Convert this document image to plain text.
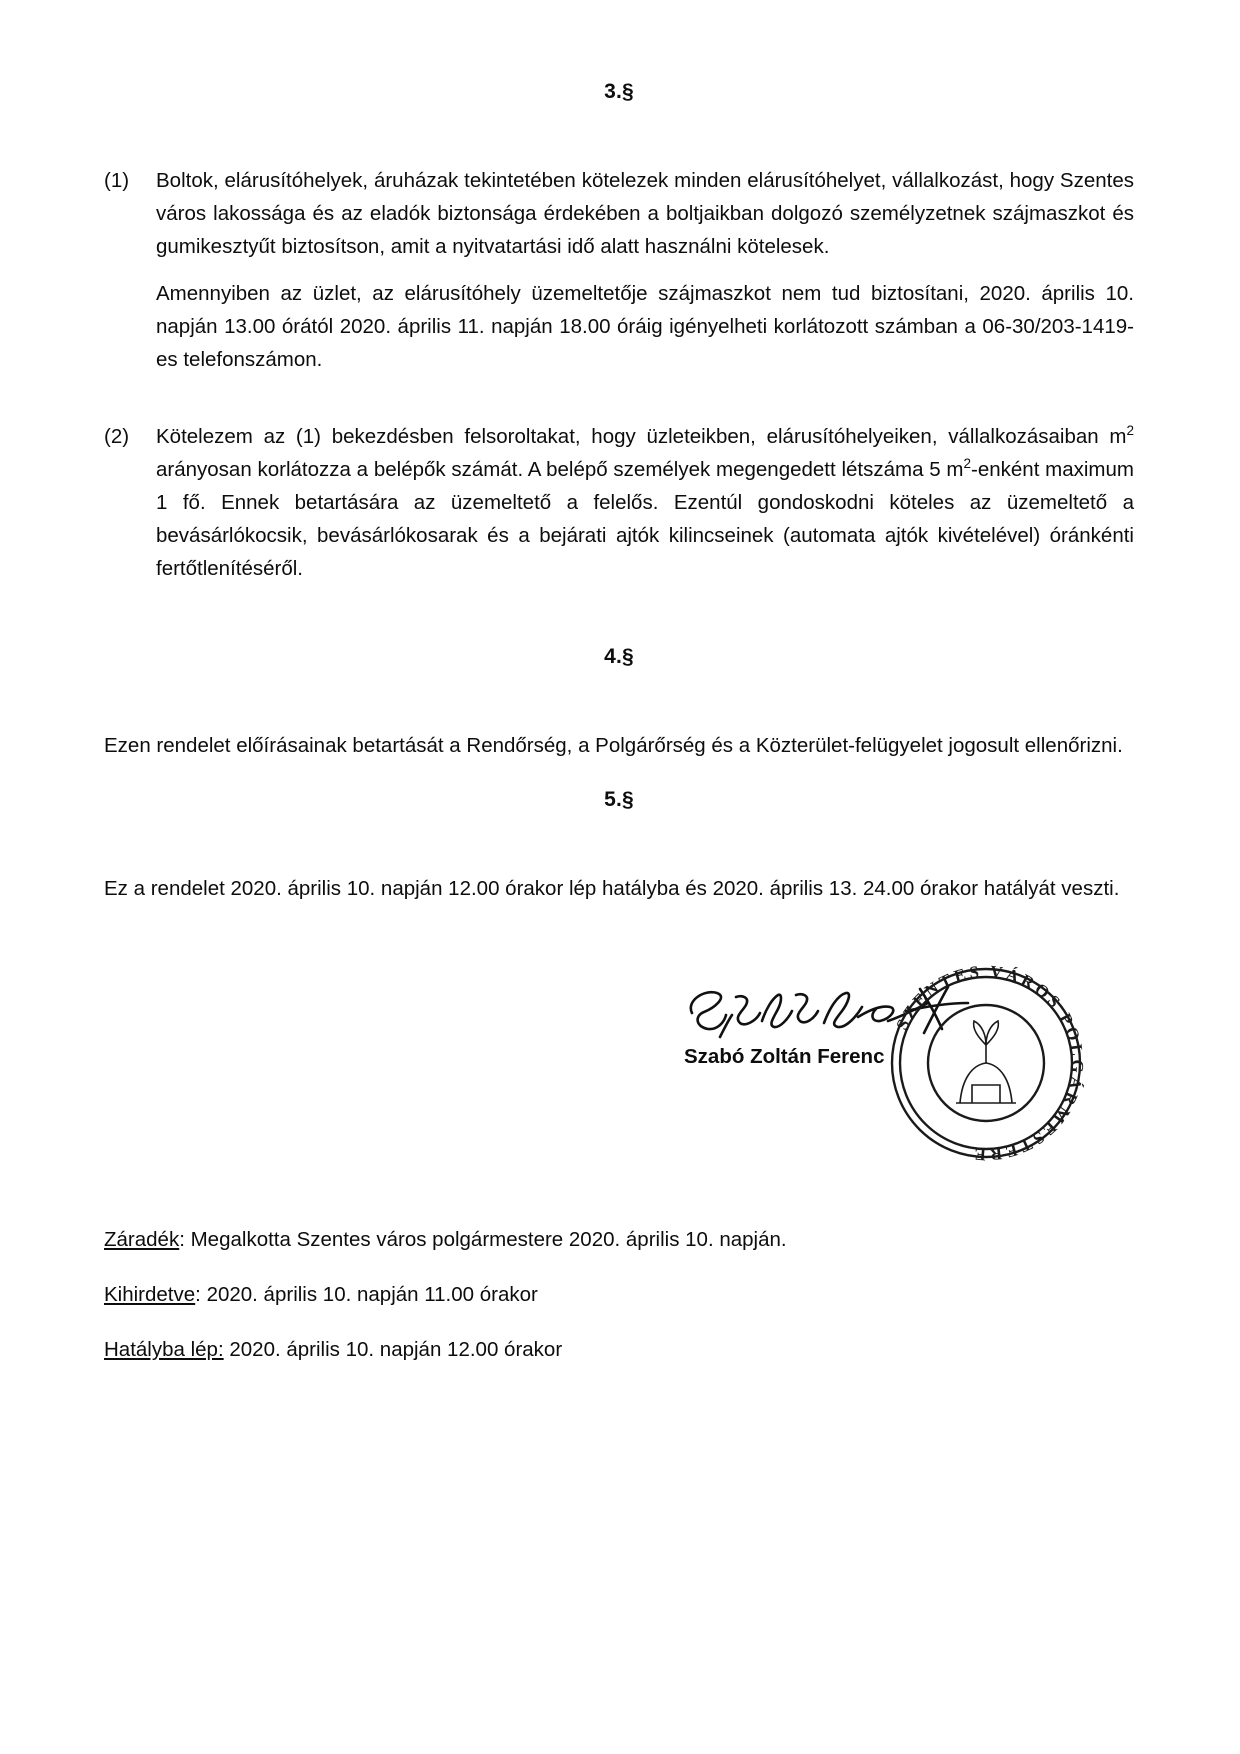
3.§
(1)	Boltok, elárusítóhelyek, áruházak tekintetében kötelezek minden elárusítóhelyet, vállalkozást, hogy Szentes város lakossága és az eladók biztonsága érdekében a boltjaikban dolgozó személyzetnek szájmaszkot és gumikesztyűt biztosítson, amit a nyitvatartási idő alatt használni kötelesek.

Amennyiben az üzlet, az elárusítóhely üzemeltetője szájmaszkot nem tud biztosítani, 2020. április 10. napján 13.00 órától 2020. április 11. napján 18.00 óráig igényelheti korlátozott számban a 06-30/203-1419-es telefonszámon.

(2)	Kötelezem az (1) bekezdésben felsoroltakat, hogy üzleteikben, elárusítóhelyeiken, vállalkozásaiban $m^2$ arányosan korlátozza a belépők számát. A belépő személyek megengedett létszáma 5 $m^2$-enként maximum 1 fő. Ennek betartására az üzemeltető a felelős. Ezentúl gondoskodni köteles az üzemeltető a bevásárlókocsik, bevásárlókosarak és a bejárati ajtók kilincseinek (automata ajtók kivételével) óránkénti fertőtlenítéséről.

4.§

Ezen rendelet előírásainak betartását a Rendőrség, a Polgárőrség és a Közterület-felügyelet jogosult ellenőrizni.

5.§

Ez a rendelet 2020. április 10. napján 12.00 órakor lép hatályba és 2020. április 13. 24.00 órakor hatályát veszti.

Szabó Zoltán Ferenc
SZENTES VÁROS POLGÁRMESTERE
Záradék: Megalkotta Szentes város polgármestere 2020. április 10. napján.
Kihirdetve: 2020. április 10. napján 11.00 órakor
Hatályba lép: 2020. április 10. napján 12.00 órakor
